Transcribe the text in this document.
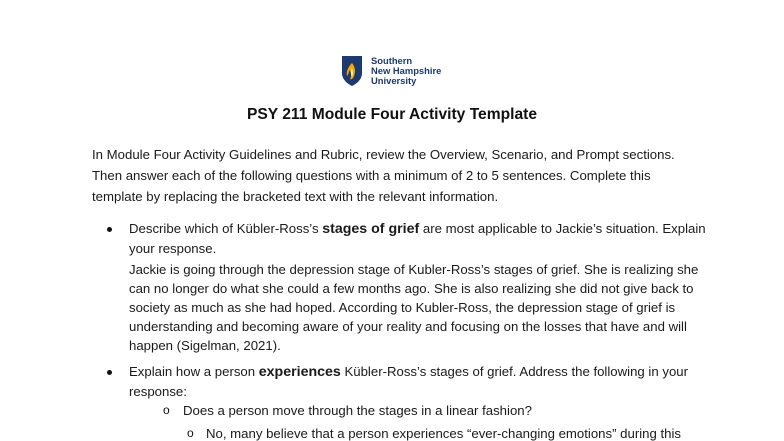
Southern
New Hampshire
University
PSY 211 Module Four Activity Template

In Module Four Activity Guidelines and Rubric, review the Overview, Scenario, and Prompt sections.

Then answer each of the following questions with a minimum of 2 to 5 sentences. Complete this

template by replacing the bracketed text with the relevant information.

Describe which of Kübler-Ross’s stages of grief are most applicable to Jackie’s situation. Explain

your response.

Jackie is going through the depression stage of Kubler-Ross’s stages of grief. She is realizing she

can no longer do what she could a few months ago. She is also realizing she did not give back to

society as much as she had hoped. According to Kubler-Ross, the depression stage of grief is

understanding and becoming aware of your reality and focusing on the losses that have and will

happen (Sigelman, 2021).

Explain how a person experiences Kübler-Ross’s stages of grief. Address the following in your

response:

o Does a person move through the stages in a linear fashion?
o No, many believe that a person experiences “ever-changing emotions” during this
